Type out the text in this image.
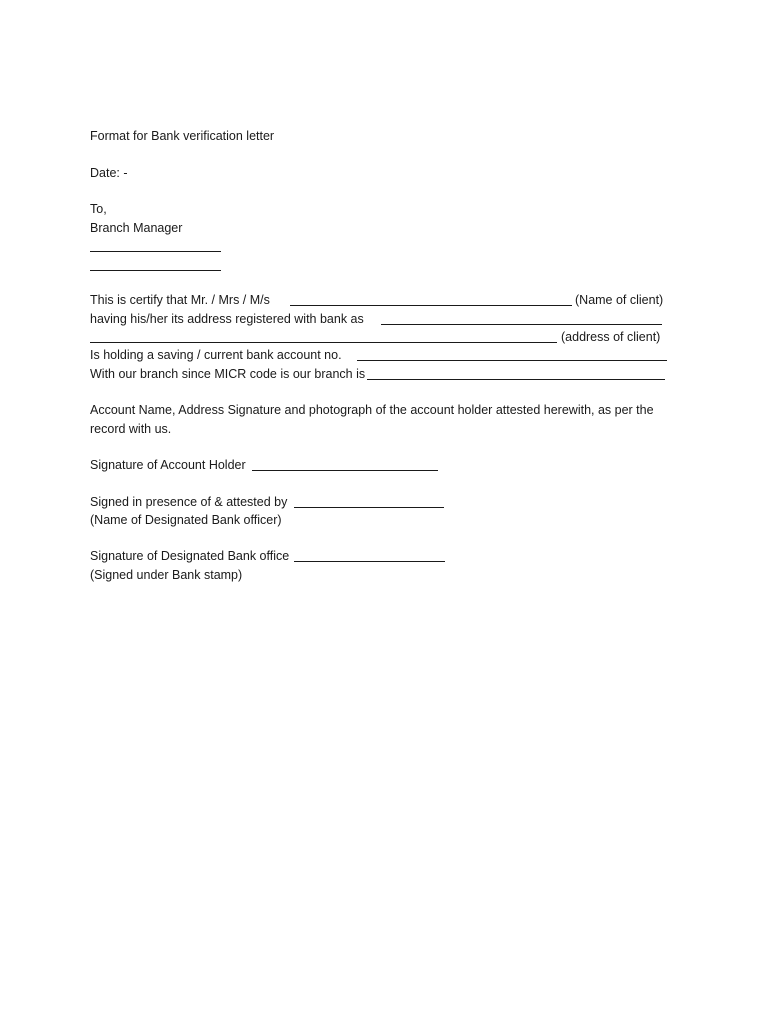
Format for Bank verification letter
Date: -
To,
Branch Manager
This is certify that Mr. / Mrs / M/s	(Name of client)
having his/her its address registered with bank as
(address of client)
Is holding a saving / current bank account no.
With our branch since MICR code is our branch is
Account Name, Address Signature and photograph of the account holder attested herewith, as per the
record with us.
Signature of Account Holder
Signed in presence of & attested by
(Name of Designated Bank officer)
Signature of Designated Bank office
(Signed under Bank stamp)
